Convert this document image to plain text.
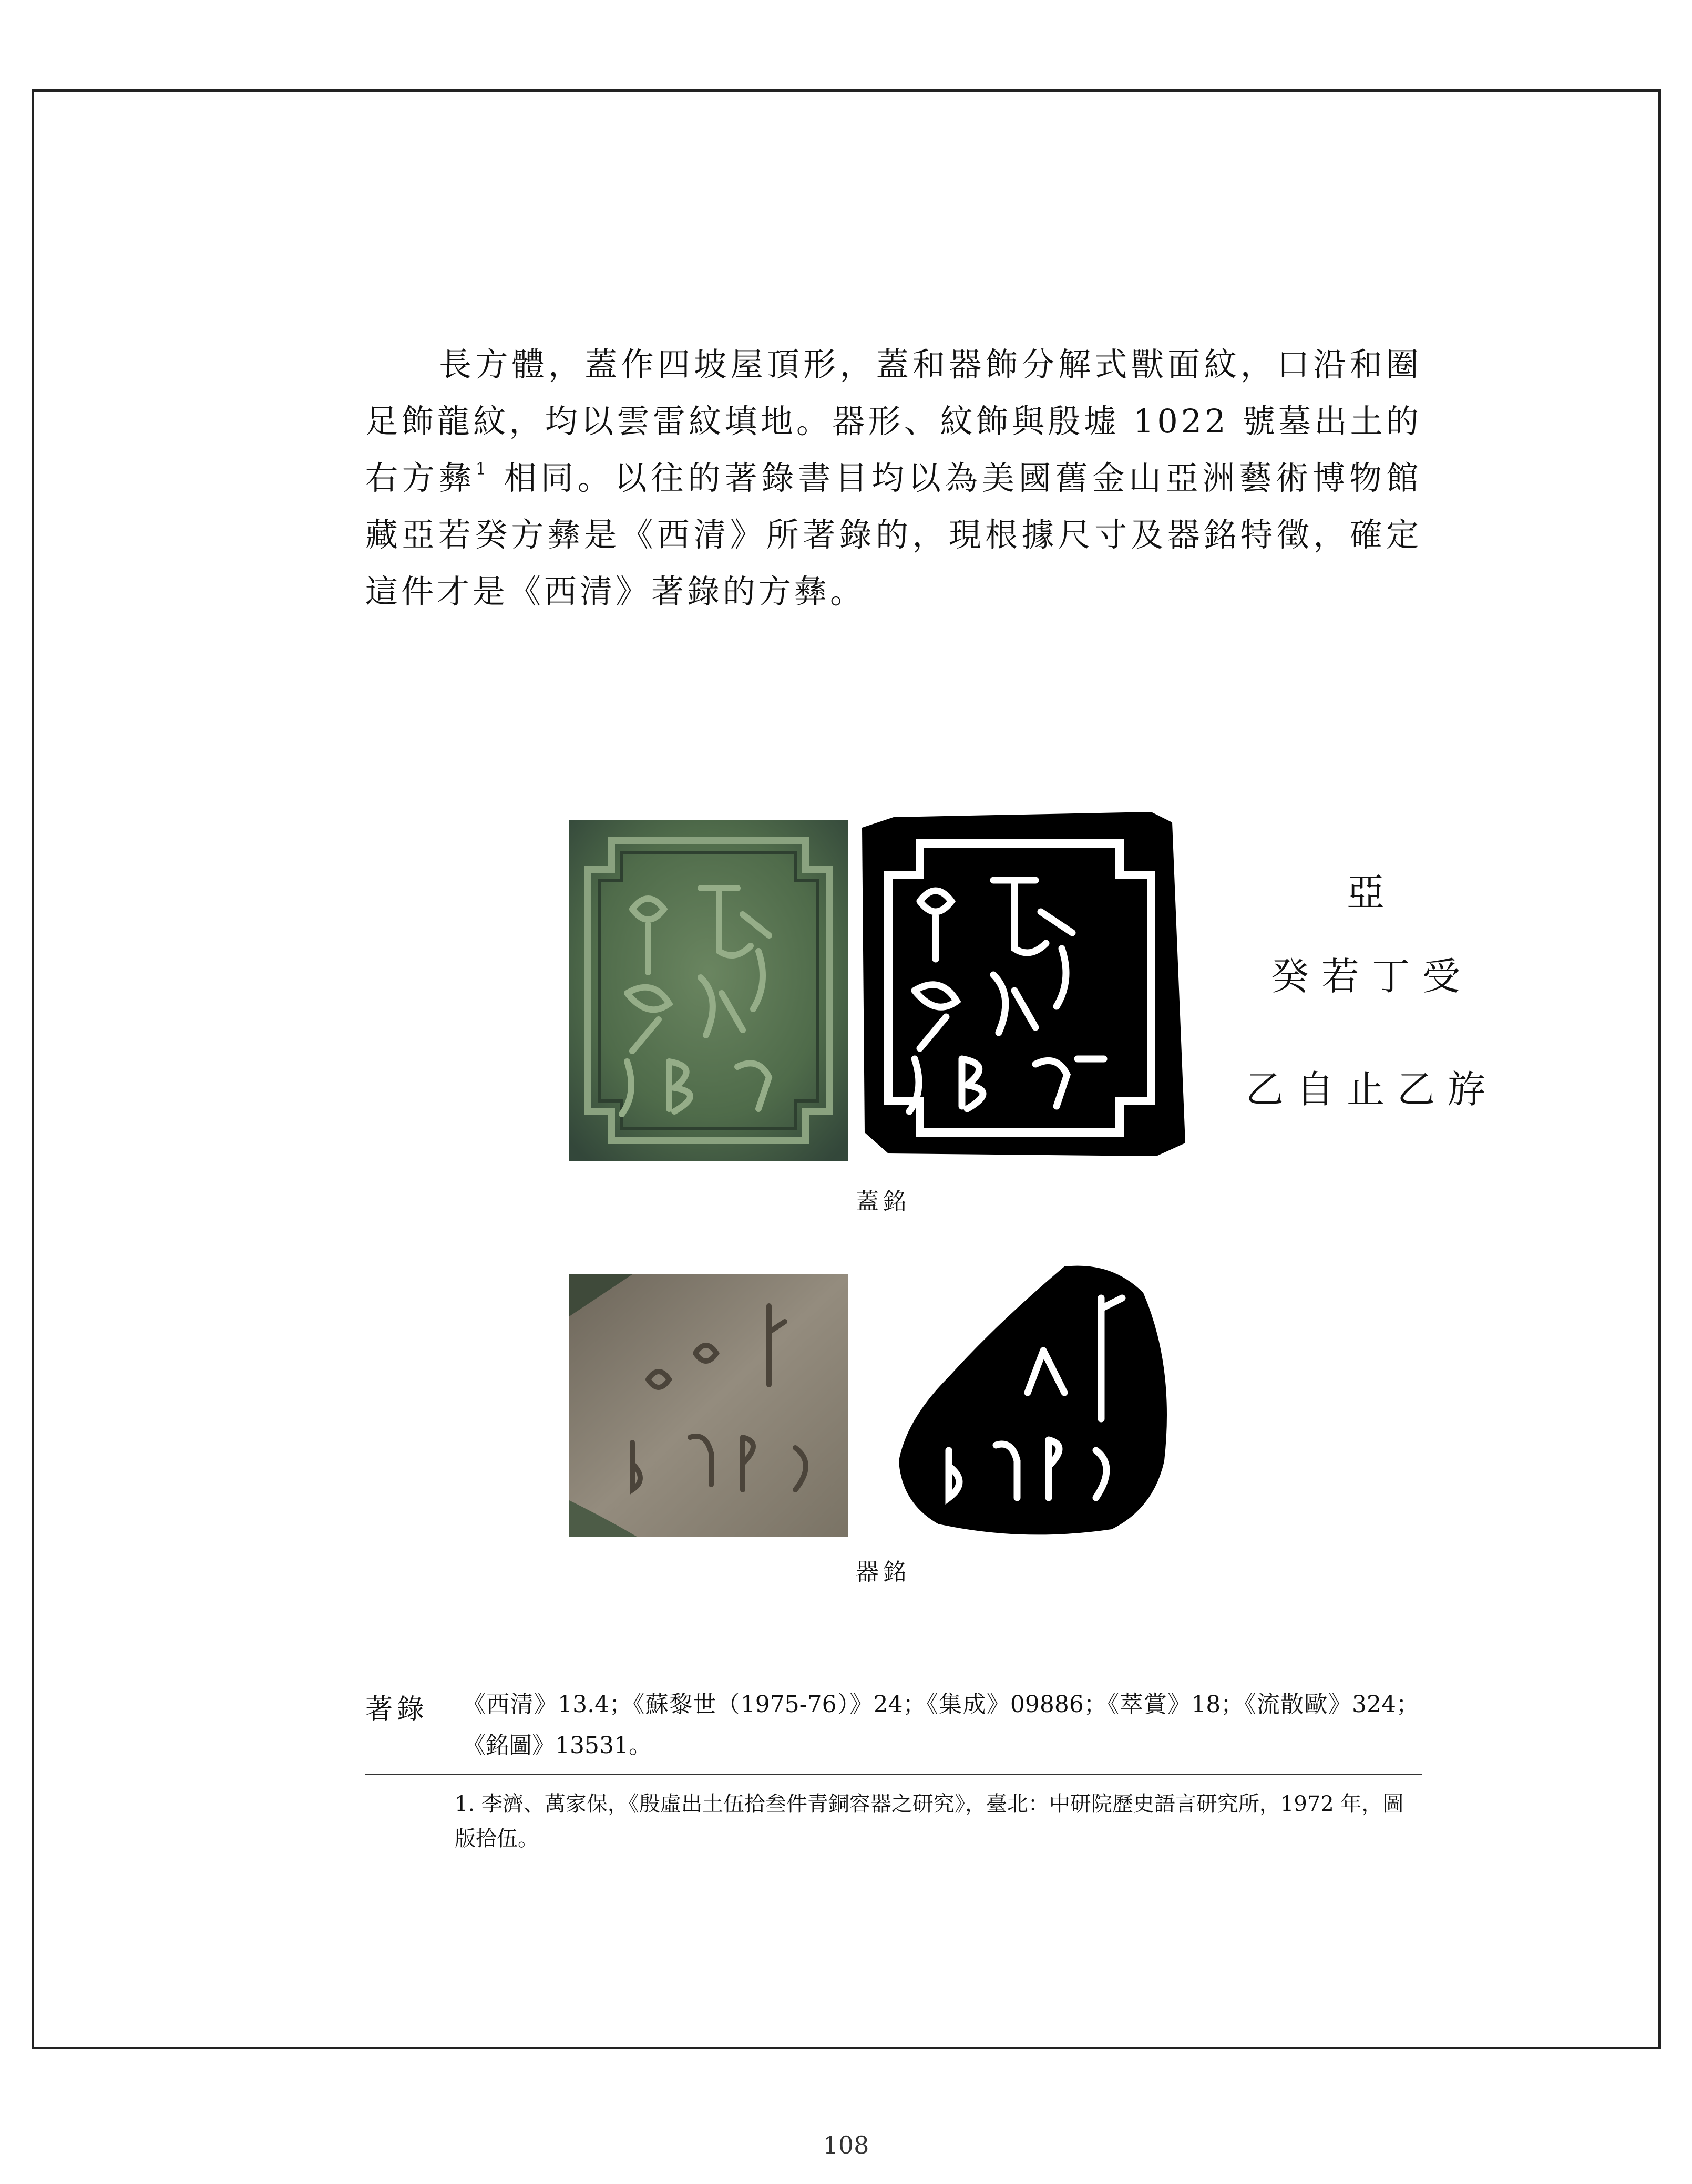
長方體，蓋作四坡屋頂形，蓋和器飾分解式獸面紋，口沿和圈足飾龍紋，均以雲雷紋填地。器形、紋飾與殷墟 1022 號墓出土的右方彝$^1$ 相同。以往的著錄書目均以為美國舊金山亞洲藝術博物館藏亞若癸方彝是《西清》所著錄的，現根據尺寸及器銘特徵，確定這件才是《西清》著錄的方彝。

亞
癸若丁受
乙自止乙斿
蓋銘
器銘
著錄 《西清》13.4；《蘇黎世（1975-76）》24；《集成》09886；《萃賞》18；《流散歐》324；《銘圖》13531。
1. 李濟、萬家保，《殷虛出土伍拾叁件青銅容器之研究》，臺北：中研院歷史語言研究所，1972 年，圖版拾伍。
108
